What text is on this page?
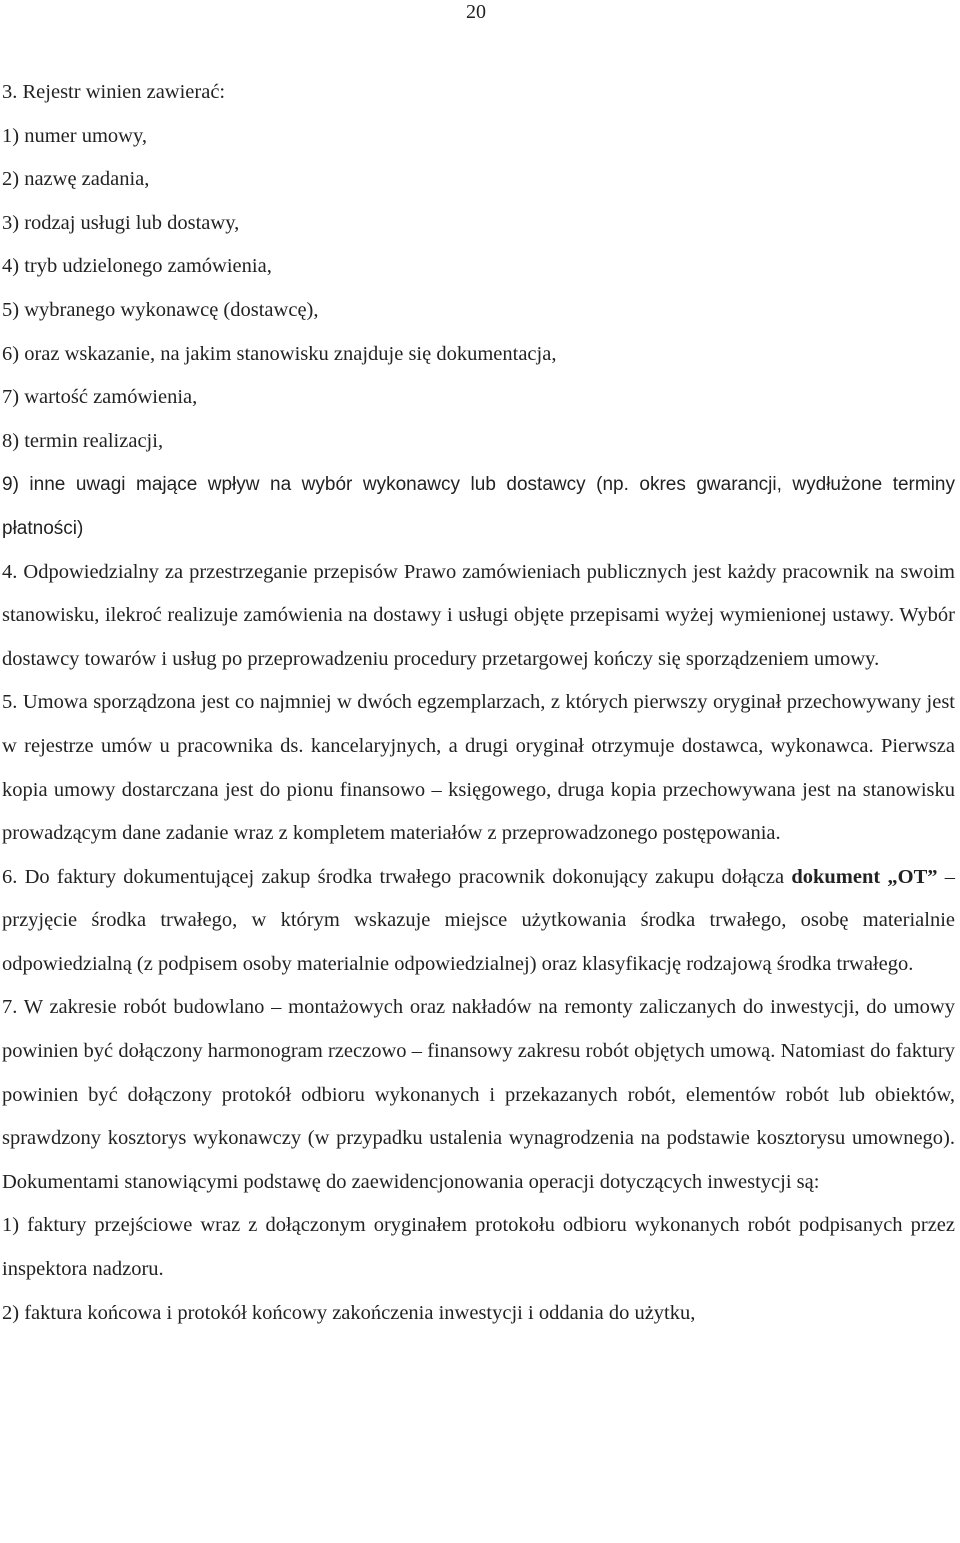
20
3. Rejestr winien zawierać:
1) numer umowy,
2) nazwę zadania,
3) rodzaj usługi lub dostawy,
4) tryb udzielonego zamówienia,
5) wybranego wykonawcę (dostawcę),
6) oraz wskazanie, na jakim stanowisku znajduje się dokumentacja,
7) wartość zamówienia,
8) termin realizacji,
9) inne uwagi mające wpływ na wybór wykonawcy lub dostawcy (np. okres gwarancji, wydłużone terminy płatności)
4. Odpowiedzialny za przestrzeganie przepisów Prawo zamówieniach publicznych jest każdy pracownik na swoim stanowisku, ilekroć realizuje zamówienia na dostawy i usługi objęte przepisami wyżej wymienionej ustawy. Wybór dostawcy towarów i usług po przeprowadzeniu procedury przetargowej kończy się sporządzeniem umowy.
5. Umowa sporządzona jest co najmniej w dwóch egzemplarzach, z których pierwszy oryginał przechowywany jest w rejestrze umów u pracownika ds. kancelaryjnych, a drugi oryginał otrzymuje dostawca, wykonawca. Pierwsza kopia umowy dostarczana jest do pionu finansowo – księgowego, druga kopia przechowywana jest na stanowisku prowadzącym dane zadanie wraz z kompletem materiałów z przeprowadzonego postępowania.
6. Do faktury dokumentującej zakup środka trwałego pracownik dokonujący zakupu dołącza dokument „OT” – przyjęcie środka trwałego, w którym wskazuje miejsce użytkowania środka trwałego, osobę materialnie odpowiedzialną (z podpisem osoby materialnie odpowiedzialnej) oraz klasyfikację rodzajową środka trwałego.
7. W zakresie robót budowlano – montażowych oraz nakładów na remonty zaliczanych do inwestycji, do umowy powinien być dołączony harmonogram rzeczowo – finansowy zakresu robót objętych umową. Natomiast do faktury powinien być dołączony protokół odbioru wykonanych i przekazanych robót, elementów robót lub obiektów, sprawdzony kosztorys wykonawczy (w przypadku ustalenia wynagrodzenia na podstawie kosztorysu umownego). Dokumentami stanowiącymi podstawę do zaewidencjonowania operacji dotyczących inwestycji są:
1) faktury przejściowe wraz z dołączonym oryginałem protokołu odbioru wykonanych robót podpisanych przez inspektora nadzoru.
2) faktura końcowa i protokół końcowy zakończenia inwestycji i oddania do użytku,
